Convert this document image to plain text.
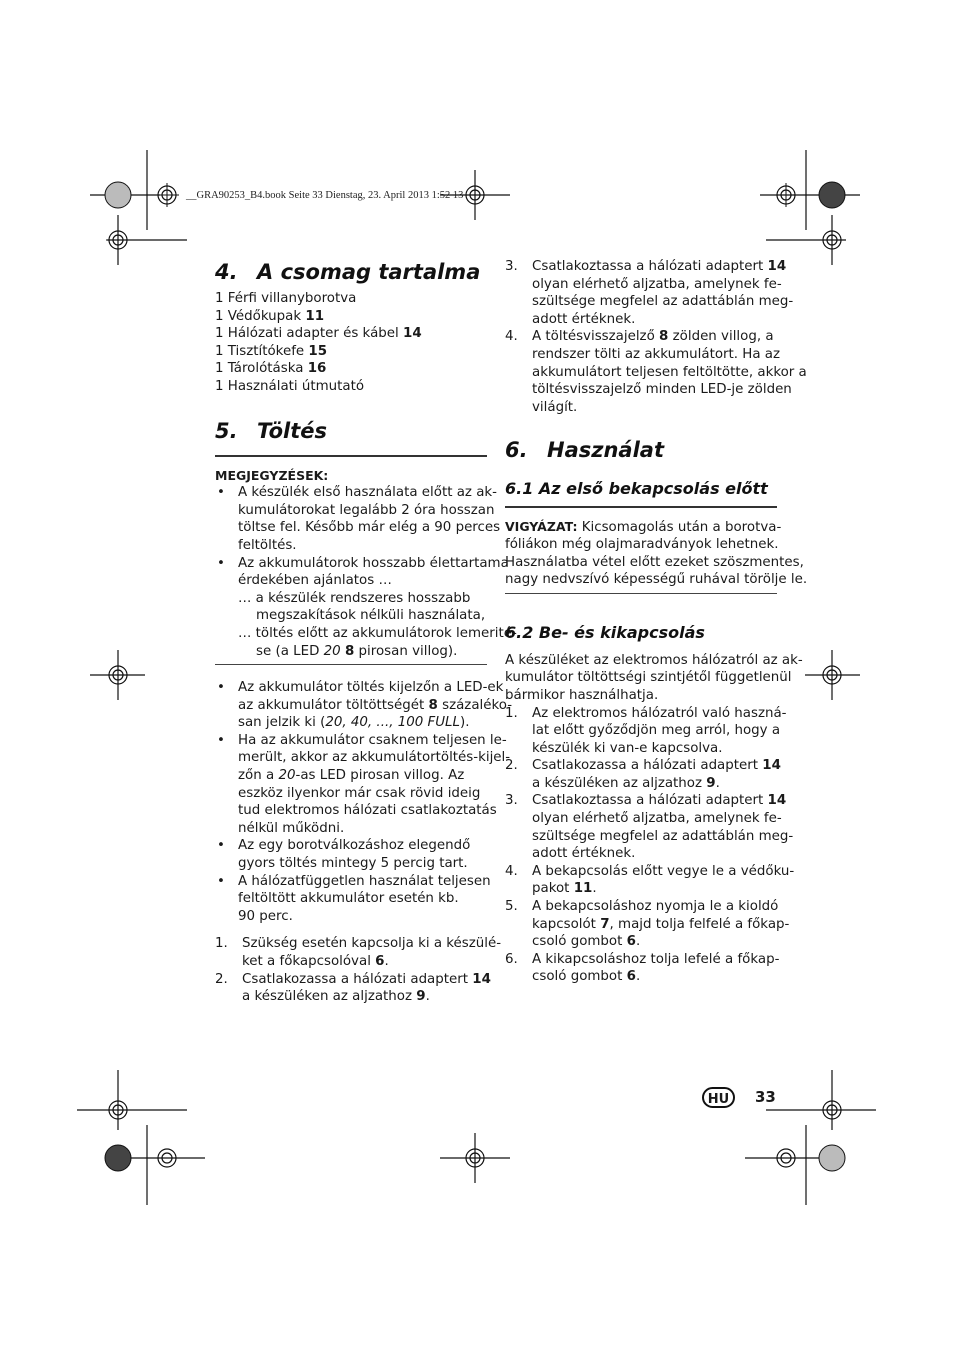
__GRA90253_B4.book Seite 33 Dienstag, 23. April 2013 1:52 13
4. A csomag tartalma
1 Férfi villanyborotva
1 Védőkupak 11
1 Hálózati adapter és kábel 14
1 Tisztítókefe 15
1 Tárolótáska 16
1 Használati útmutató
5. Töltés
MEGJEGYZÉSEK:
• A készülék első használata előtt az ak-
kumulátorokat legalább 2 óra hosszan
töltse fel. Később már elég a 90 perces
feltöltés.
• Az akkumulátorok hosszabb élettartama
érdekében ajánlatos …
… a készülék rendszeres hosszabb
megszakítások nélküli használata,
… töltés előtt az akkumulátorok lemerité-
se (a LED 20 8 pirosan villog).
• Az akkumulátor töltés kijelzőn a LED-ek
az akkumulátor töltöttségét 8 százaléko-
san jelzik ki (20, 40, ..., 100 FULL).
• Ha az akkumulátor csaknem teljesen le-
merült, akkor az akkumulátortöltés-kijel-
zőn a 20-as LED pirosan villog. Az
eszköz ilyenkor már csak rövid ideig
tud elektromos hálózati csatlakoztatás
nélkül működni.
• Az egy borotválkozáshoz elegendő
gyors töltés mintegy 5 percig tart.
• A hálózatfüggetlen használat teljesen
feltöltött akkumulátor esetén kb.
90 perc.
1. Szükség esetén kapcsolja ki a készülé-
ket a főkapcsolóval 6.
2. Csatlakozassa a hálózati adaptert 14
a készüléken az aljzathoz 9.
3. Csatlakoztassa a hálózati adaptert 14
olyan elérhető aljzatba, amelynek fe-
szültsége megfelel az adattáblán meg-
adott értéknek.
4. A töltésvisszajelző 8 zölden villog, a
rendszer tölti az akkumulátort. Ha az
akkumulátort teljesen feltöltötte, akkor a
töltésvisszajelző minden LED-je zölden
világít.
6. Használat
6.1 Az első bekapcsolás előtt
VIGYÁZAT: Kicsomagolás után a borotva-
fóliákon még olajmaradványok lehetnek.
Használatba vétel előtt ezeket szöszmentes,
nagy nedvszívó képességű ruhával törölje le.
6.2 Be- és kikapcsolás
A készüléket az elektromos hálózatról az ak-
kumulátor töltöttségi szintjétől függetlenül
bármikor használhatja.
1. Az elektromos hálózatról való haszná-
lat előtt győződjön meg arról, hogy a
készülék ki van-e kapcsolva.
2. Csatlakozassa a hálózati adaptert 14
a készüléken az aljzathoz 9.
3. Csatlakoztassa a hálózati adaptert 14
olyan elérhető aljzatba, amelynek fe-
szültsége megfelel az adattáblán meg-
adott értéknek.
4. A bekapcsolás előtt vegye le a védőku-
pakot 11.
5. A bekapcsoláshoz nyomja le a kioldó
kapcsolót 7, majd tolja felfelé a főkap-
csoló gombot 6.
6. A kikapcsoláshoz tolja lefelé a főkap-
csoló gombot 6.
HU	33
